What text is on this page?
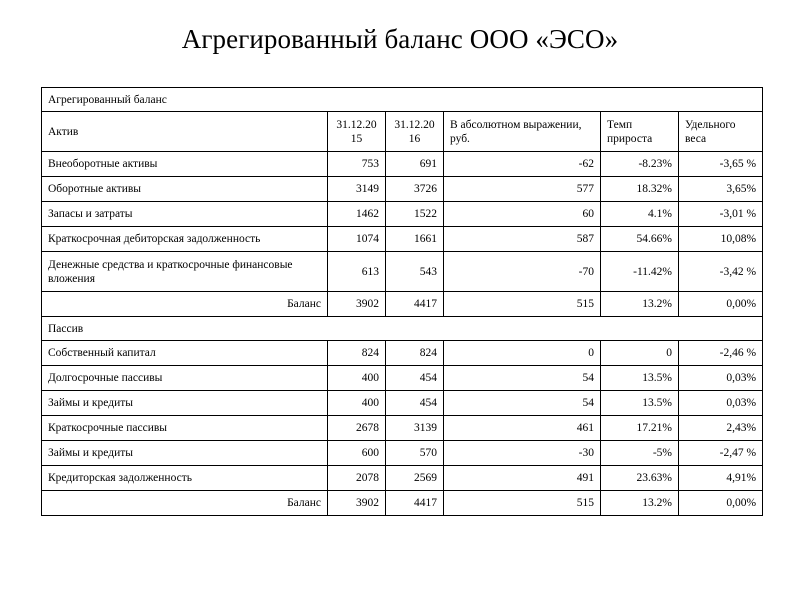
Агрегированный баланс ООО «ЭСО»
Агрегированный баланс					
Актив	31.12.2015	31.12.2016	В абсолютном выражении, руб.	Темп прироста	Удельного веса
Внеоборотные активы	753	691	-62	-8.23%	-3,65 %
Оборотные активы	3149	3726	577	18.32%	3,65%
Запасы и затраты	1462	1522	60	4.1%	-3,01 %
Краткосрочная дебиторская задолженность	1074	1661	587	54.66%	10,08%
Денежные средства и краткосрочные финансовые вложения	613	543	-70	-11.42%	-3,42 %
Баланс	3902	4417	515	13.2%	0,00%
Пассив					
Собственный капитал	824	824	0	0	-2,46 %
Долгосрочные пассивы	400	454	54	13.5%	0,03%
Займы и кредиты	400	454	54	13.5%	0,03%
Краткосрочные пассивы	2678	3139	461	17.21%	2,43%
Займы и кредиты	600	570	-30	-5%	-2,47 %
Кредиторская задолженность	2078	2569	491	23.63%	4,91%
Баланс	3902	4417	515	13.2%	0,00%
